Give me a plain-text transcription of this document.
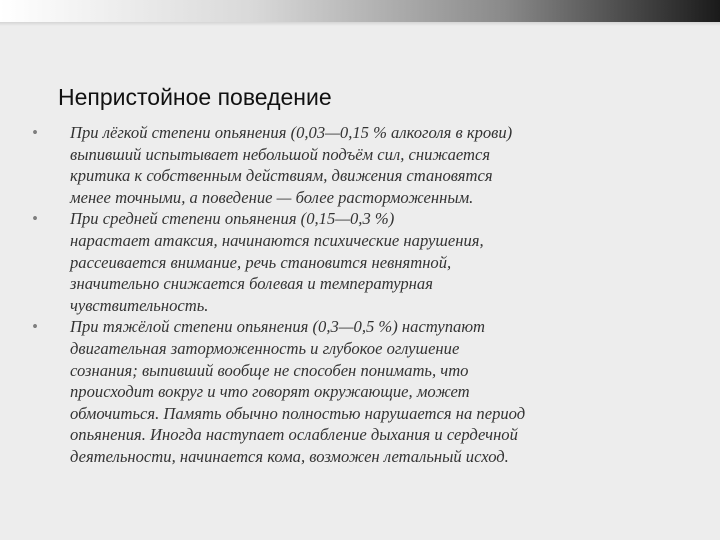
Непристойное поведение
• При лёгкой степени опьянения (0,03—0,15 % алкоголя в крови)
выпивший испытывает небольшой подъём сил, снижается
критика к собственным действиям, движения становятся
менее точными, а поведение — более расторможенным.
• При средней степени опьянения (0,15—0,3 %)
нарастает атаксия, начинаются психические нарушения,
рассеивается внимание, речь становится невнятной,
значительно снижается болевая и температурная
чувствительность.
• При тяжёлой степени опьянения (0,3—0,5 %) наступают
двигательная заторможенность и глубокое оглушение
сознания; выпивший вообще не способен понимать, что
происходит вокруг и что говорят окружающие, может
обмочиться. Память обычно полностью нарушается на период
опьянения. Иногда наступает ослабление дыхания и сердечной
деятельности, начинается кома, возможен летальный исход.
